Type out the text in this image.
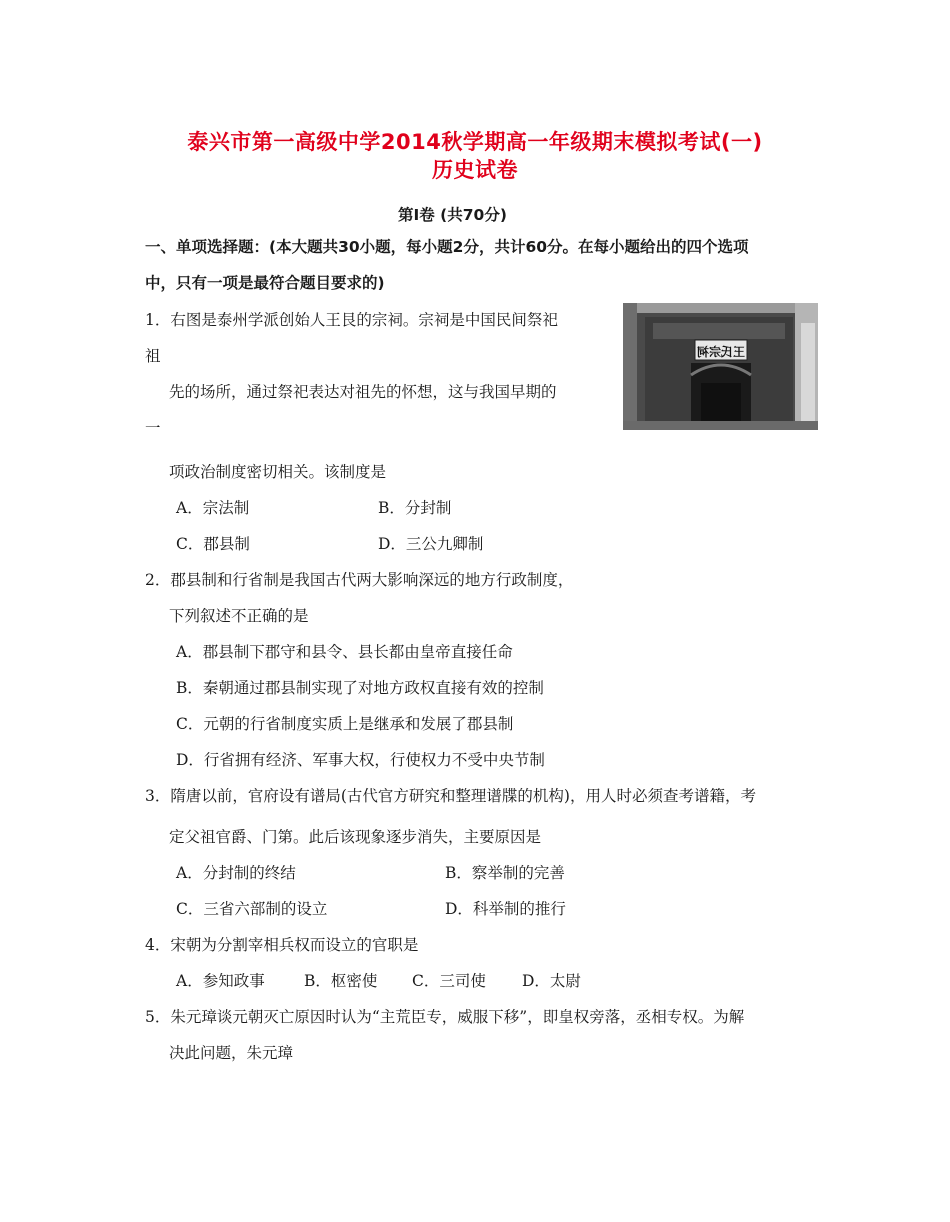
泰兴市第一高级中学2014秋学期高一年级期末模拟考试(一)
历史试卷
第Ⅰ卷 (共70分)
一、单项选择题：(本大题共30小题，每小题2分，共计60分。在每小题给出的四个选项
中，只有一项是最符合题目要求的)
王氏宗祠
1．右图是泰州学派创始人王艮的宗祠。宗祠是中国民间祭祀
祖
先的场所，通过祭祀表达对祖先的怀想，这与我国早期的
一
项政治制度密切相关。该制度是
A．宗法制	B．分封制
C．郡县制	D．三公九卿制
2．郡县制和行省制是我国古代两大影响深远的地方行政制度，
下列叙述不正确的是
A．郡县制下郡守和县令、县长都由皇帝直接任命
B．秦朝通过郡县制实现了对地方政权直接有效的控制
C．元朝的行省制度实质上是继承和发展了郡县制
D．行省拥有经济、军事大权，行使权力不受中央节制
3．隋唐以前，官府设有谱局(古代官方研究和整理谱牒的机构)，用人时必须查考谱籍，考
定父祖官爵、门第。此后该现象逐步消失，主要原因是
A．分封制的终结	B．察举制的完善
C．三省六部制的设立	D．科举制的推行
4．宋朝为分割宰相兵权而设立的官职是
A．参知政事	B．枢密使 C．三司使 D．太尉
5．朱元璋谈元朝灭亡原因时认为“主荒臣专，威服下移”，即皇权旁落，丞相专权。为解
决此问题，朱元璋
